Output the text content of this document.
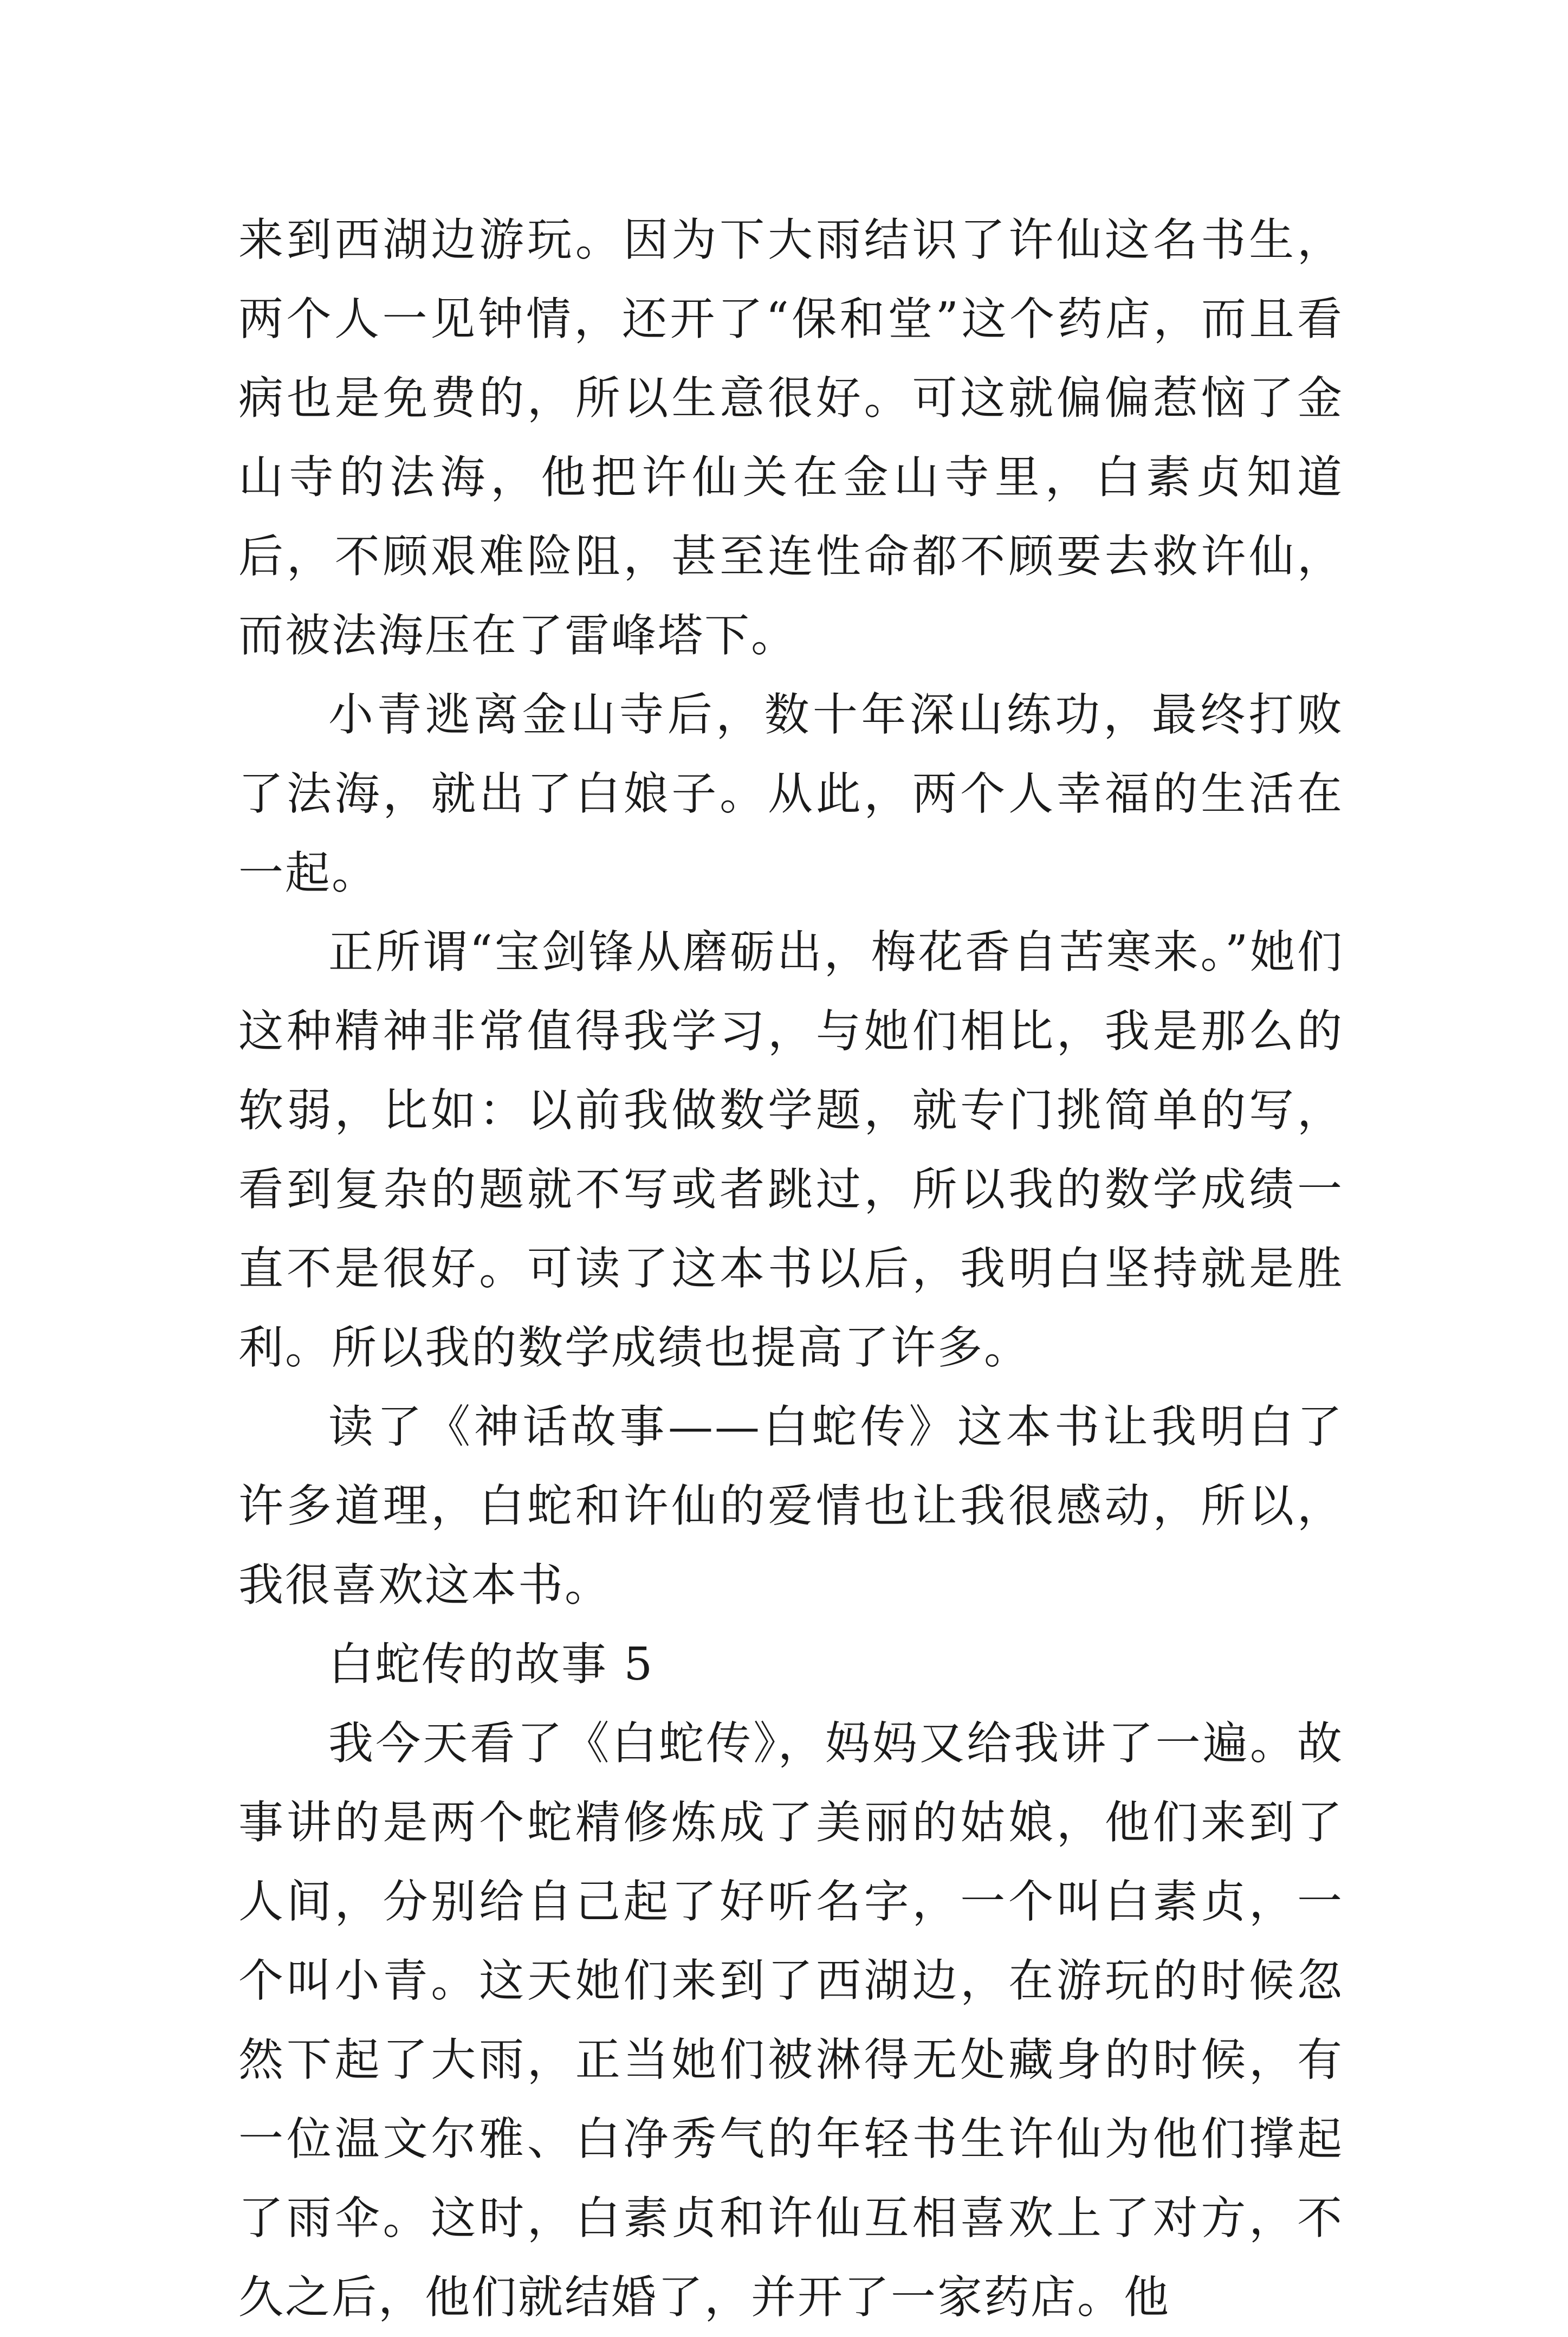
来到西湖边游玩。因为下大雨结识了许仙这名书生，两个人一见钟情，还开了“保和堂”这个药店，而且看病也是免费的，所以生意很好。可这就偏偏惹恼了金山寺的法海，他把许仙关在金山寺里，白素贞知道后，不顾艰难险阻，甚至连性命都不顾要去救许仙，而被法海压在了雷峰塔下。

小青逃离金山寺后，数十年深山练功，最终打败了法海，就出了白娘子。从此，两个人幸福的生活在一起。

正所谓“宝剑锋从磨砺出，梅花香自苦寒来。”她们这种精神非常值得我学习，与她们相比，我是那么的软弱，比如：以前我做数学题，就专门挑简单的写，看到复杂的题就不写或者跳过，所以我的数学成绩一直不是很好。可读了这本书以后，我明白坚持就是胜利。所以我的数学成绩也提高了许多。

读了《神话故事——白蛇传》这本书让我明白了许多道理，白蛇和许仙的爱情也让我很感动，所以，我很喜欢这本书。

白蛇传的故事 5

我今天看了《白蛇传》，妈妈又给我讲了一遍。故事讲的是两个蛇精修炼成了美丽的姑娘，他们来到了人间，分别给自己起了好听名字，一个叫白素贞，一个叫小青。这天她们来到了西湖边，在游玩的时候忽然下起了大雨，正当她们被淋得无处藏身的时候，有一位温文尔雅、白净秀气的年轻书生许仙为他们撑起了雨伞。这时，白素贞和许仙互相喜欢上了对方，不久之后，他们就结婚了，并开了一家药店。他
